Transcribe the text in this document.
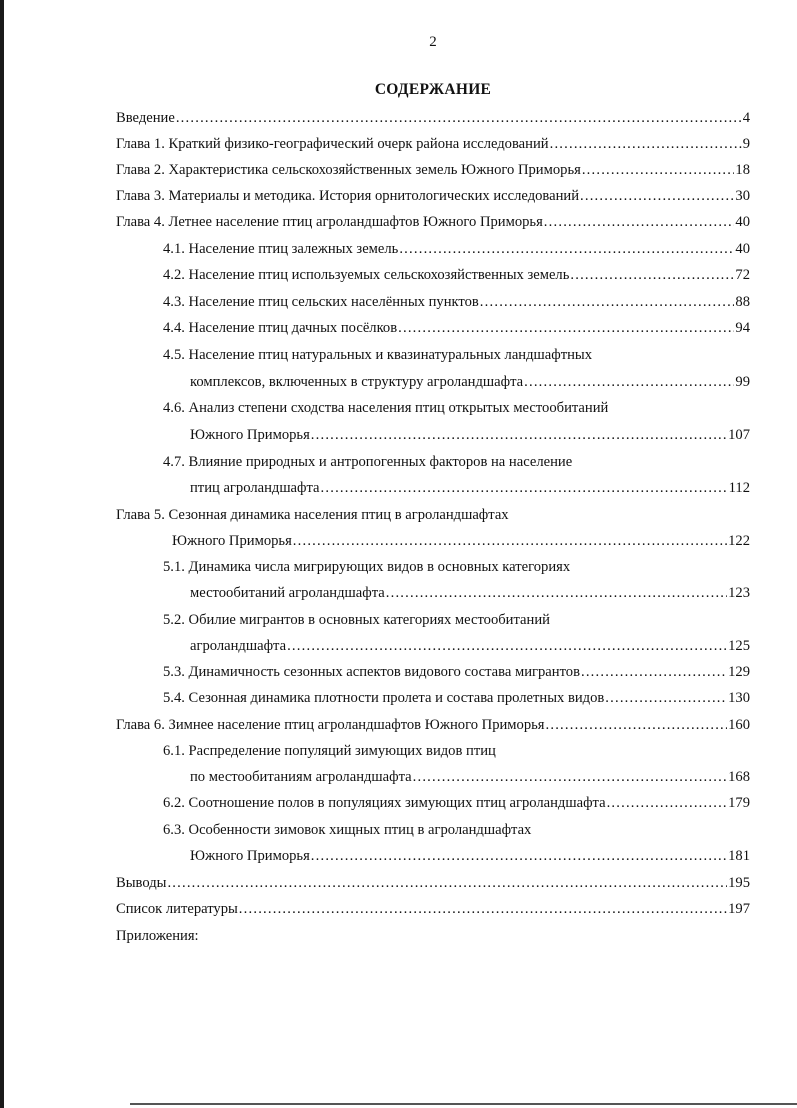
2
СОДЕРЖАНИЕ
Введение .....	4
Глава 1. Краткий физико-географический очерк района исследований .....	9
Глава 2. Характеристика сельскохозяйственных земель Южного Приморья .....	18
Глава 3. Материалы и методика. История орнитологических исследований .....	30
Глава 4. Летнее население птиц агроландшафтов Южного Приморья .....	40
4.1. Население птиц залежных земель .....	40
4.2. Население птиц используемых сельскохозяйственных земель .....	72
4.3. Население птиц сельских населённых пунктов .....	88
4.4. Население птиц дачных посёлков .....	94
4.5. Население птиц натуральных и квазинатуральных ландшафтных
комплексов, включенных в структуру агроландшафта .....	99
4.6. Анализ степени сходства населения птиц открытых местообитаний
Южного Приморья .....	107
4.7. Влияние природных и антропогенных факторов на население
птиц агроландшафта .....	112
Глава 5. Сезонная динамика населения птиц в агроландшафтах
Южного Приморья .....	122
5.1. Динамика числа мигрирующих видов в основных категориях
местообитаний агроландшафта .....	123
5.2. Обилие мигрантов в основных категориях местообитаний
агроландшафта .....	125
5.3. Динамичность сезонных аспектов видового состава мигрантов .....	129
5.4. Сезонная динамика плотности пролета и состава пролетных видов .....	130
Глава 6. Зимнее население птиц агроландшафтов Южного Приморья .....	160
6.1. Распределение популяций зимующих видов птиц
по местообитаниям агроландшафта .....	168
6.2. Соотношение полов в популяциях зимующих птиц агроландшафта .....	179
6.3. Особенности зимовок хищных птиц в агроландшафтах
Южного Приморья .....	181
Выводы .....	195
Список литературы .....	197
Приложения:
